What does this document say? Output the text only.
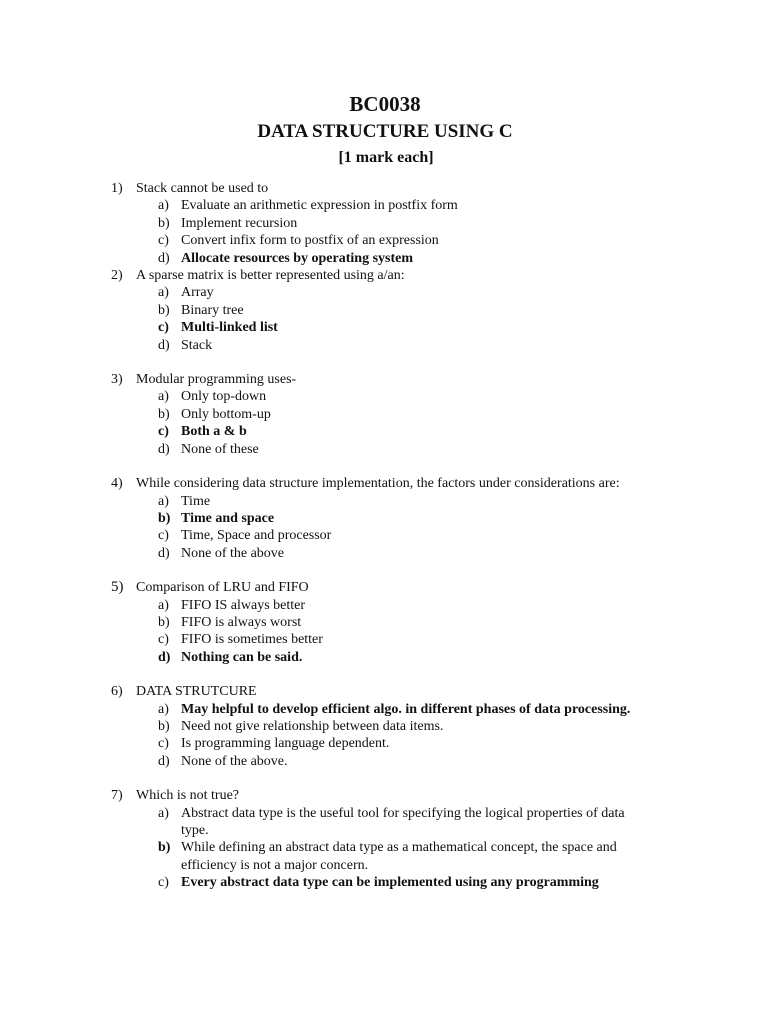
BC0038
DATA STRUCTURE USING C
[1 mark each]
1) Stack cannot be used to
a) Evaluate an arithmetic expression in postfix form
b) Implement recursion
c) Convert infix form to postfix of an expression
d) Allocate resources by operating system
2) A sparse matrix is better represented using a/an:
a) Array
b) Binary tree
c) Multi-linked list
d) Stack
3) Modular programming uses-
a) Only top-down
b) Only bottom-up
c) Both a & b
d) None of these
4) While considering data structure implementation, the factors under considerations are:
a) Time
b) Time and space
c) Time, Space and processor
d) None of the above
5) Comparison of LRU and FIFO
a) FIFO IS always better
b) FIFO is always worst
c) FIFO is sometimes better
d) Nothing can be said.
6) DATA STRUTCURE
a) May helpful to develop efficient algo. in different phases of data processing.
b) Need not give relationship between data items.
c) Is programming language dependent.
d) None of the above.
7) Which is not true?
a) Abstract data type is the useful tool for specifying the logical properties of data type.
b) While defining an abstract data type as a mathematical concept, the space and efficiency is not a major concern.
c) Every abstract data type can be implemented using any programming
